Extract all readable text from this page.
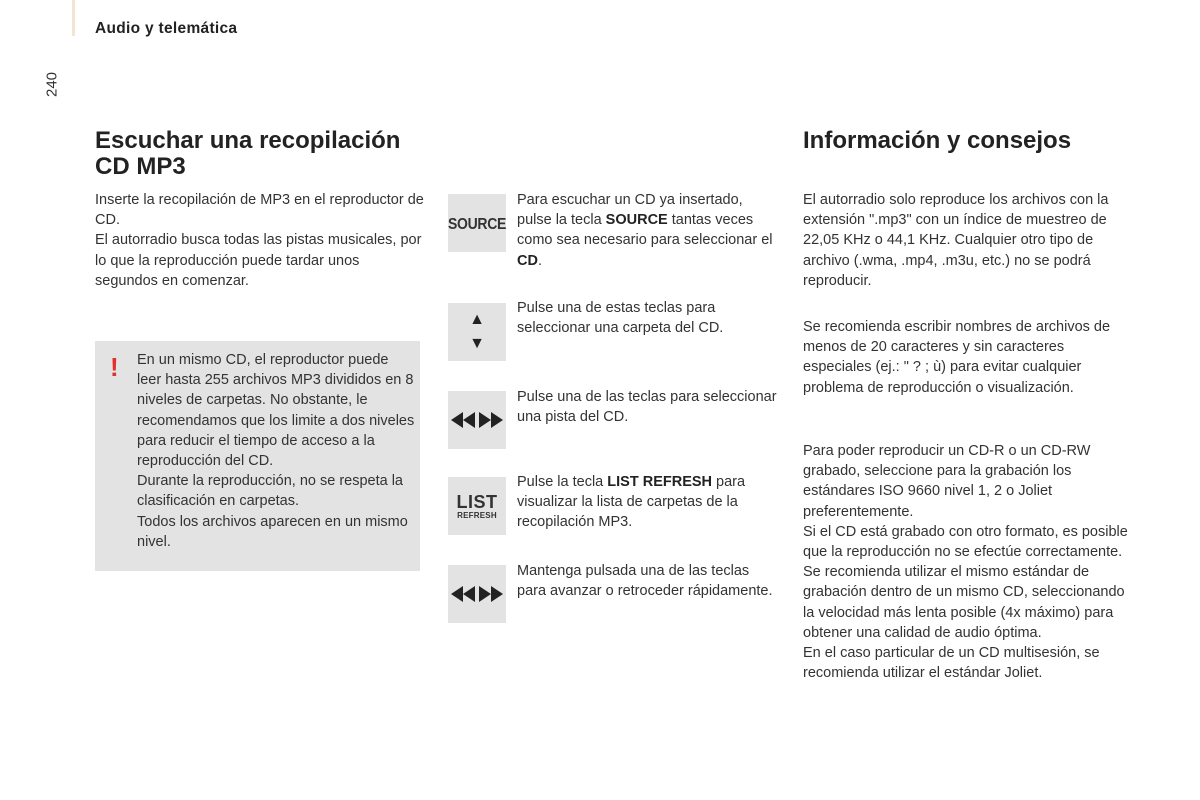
Audio y telemática
240
Escuchar una recopilación CD MP3

Inserte la recopilación de MP3 en el reproductor de CD.
El autorradio busca todas las pistas musicales, por lo que la reproducción puede tardar unos segundos en comenzar.

! En un mismo CD, el reproductor puede leer hasta 255 archivos MP3 divididos en 8 niveles de carpetas. No obstante, le recomendamos que los limite a dos niveles para reducir el tiempo de acceso a la reproducción del CD.
Durante la reproducción, no se respeta la clasificación en carpetas.
Todos los archivos aparecen en un mismo nivel.

SOURCE

Para escuchar un CD ya insertado, pulse la tecla SOURCE tantas veces como sea necesario para seleccionar el CD.

▲
▼

Pulse una de estas teclas para seleccionar una carpeta del CD.

Pulse una de las teclas para seleccionar una pista del CD.

LIST
REFRESH

Pulse la tecla LIST REFRESH para visualizar la lista de carpetas de la recopilación MP3.

Mantenga pulsada una de las teclas para avanzar o retroceder rápidamente.

Información y consejos

El autorradio solo reproduce los archivos con la extensión ".mp3" con un índice de muestreo de 22,05 KHz o 44,1 KHz. Cualquier otro tipo de archivo (.wma, .mp4, .m3u, etc.) no se podrá reproducir.

Se recomienda escribir nombres de archivos de menos de 20 caracteres y sin caracteres especiales (ej.: " ? ; ù) para evitar cualquier problema de reproducción o visualización.

Para poder reproducir un CD-R o un CD-RW grabado, seleccione para la grabación los estándares ISO 9660 nivel 1, 2 o Joliet preferentemente.
Si el CD está grabado con otro formato, es posible que la reproducción no se efectúe correctamente.
Se recomienda utilizar el mismo estándar de grabación dentro de un mismo CD, seleccionando la velocidad más lenta posible (4x máximo) para obtener una calidad de audio óptima.
En el caso particular de un CD multisesión, se recomienda utilizar el estándar Joliet.
